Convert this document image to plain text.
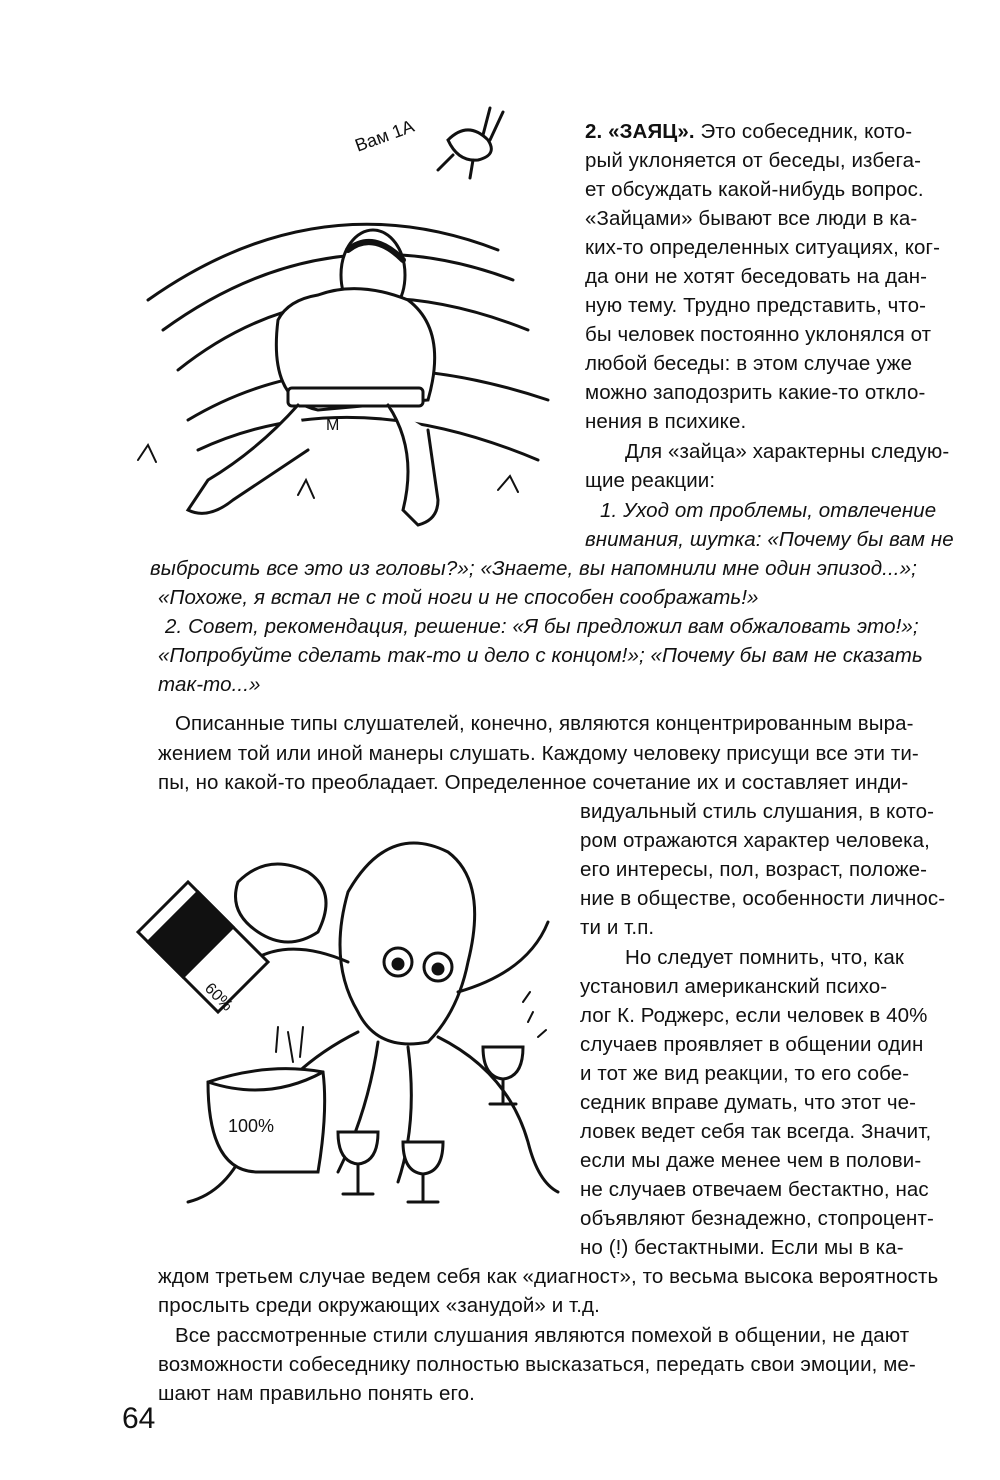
Вам 1А
M
60%
100%
2. «ЗАЯЦ». Это собеседник, кото-
рый уклоняется от беседы, избега-
ет обсуждать какой-нибудь вопрос.
«Зайцами» бывают все люди в ка-
ких-то определенных ситуациях, ког-
да они не хотят беседовать на дан-
ную тему. Трудно представить, что-
бы человек постоянно уклонялся от
любой беседы: в этом случае уже
можно заподозрить какие-то откло-
нения в психике.
Для «зайца» характерны следую-
щие реакции:
1. Уход от проблемы, отвлечение
внимания, шутка: «Почему бы вам не
выбросить все это из головы?»; «Знаете, вы напомнили мне один эпизод...»;
«Похоже, я встал не с той ноги и не способен соображать!»
2. Совет, рекомендация, решение: «Я бы предложил вам обжаловать это!»;
«Попробуйте сделать так-то и дело с концом!»; «Почему бы вам не сказать
так-то...»
Описанные типы слушателей, конечно, являются концентрированным выра-
жением той или иной манеры слушать. Каждому человеку присущи все эти ти-
пы, но какой-то преобладает. Определенное сочетание их и составляет инди-
видуальный стиль слушания, в кото-
ром отражаются характер человека,
его интересы, пол, возраст, положе-
ние в обществе, особенности личнос-
ти и т.п.
Но следует помнить, что, как
установил американский психо-
лог К. Роджерс, если человек в 40%
случаев проявляет в общении один
и тот же вид реакции, то его собе-
седник вправе думать, что этот че-
ловек ведет себя так всегда. Значит,
если мы даже менее чем в полови-
не случаев отвечаем бестактно, нас
объявляют безнадежно, стопроцент-
но (!) бестактными. Если мы в ка-
ждом третьем случае ведем себя как «диагност», то весьма высока вероятность
прослыть среди окружающих «занудой» и т.д.
Все рассмотренные стили слушания являются помехой в общении, не дают
возможности собеседнику полностью высказаться, передать свои эмоции, ме-
шают нам правильно понять его.
64
